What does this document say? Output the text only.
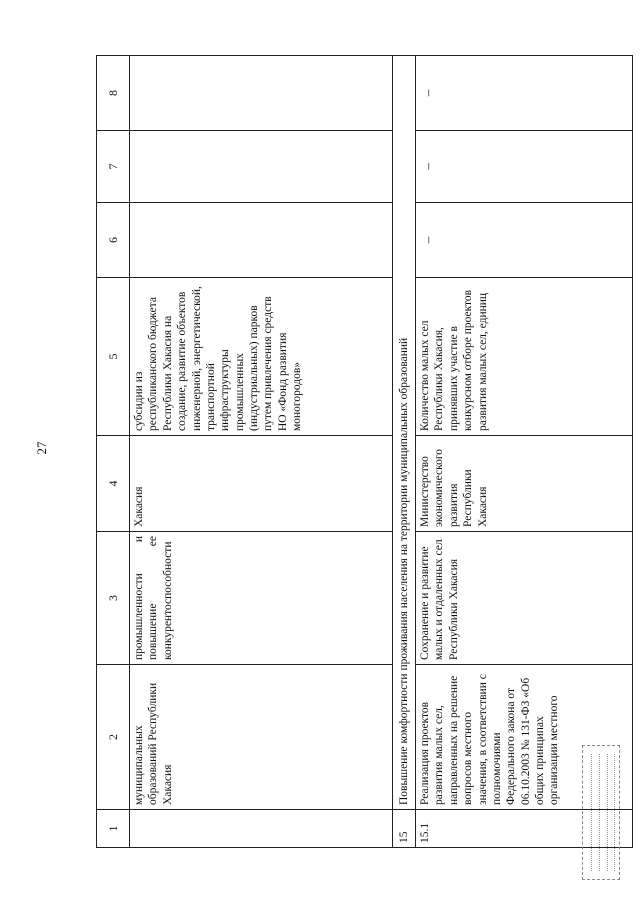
27
1	2	3	4	5	6	7	8
	муниципальных образований Республики Хакасия	промышленности и повышение ее конкурентоспособности	Хакасия	субсидии из республиканского бюджета Республики Хакасия на создание, развитие объектов инженерной, энергетической, транспортной инфраструктуры промышленных (индустриальных) парков путем привлечения средств НО «Фонд развития моногородов»			
15	Повышение комфортности проживания населения на территории муниципальных образований						
15.1	Реализация проектов развития малых сел, направленных на решение вопросов местного значения, в соответствии с полномочиями Федерального закона от 06.10.2003 № 131-ФЗ «Об общих принципах организации местного	Сохранение и развитие малых и отдаленных сел Республики Хакасия	Министерство экономического развития Республики Хакасия	Количество малых сел Республики Хакасия, принявших участие в конкурсном отборе проектов развития малых сел, единиц	–	–	–
